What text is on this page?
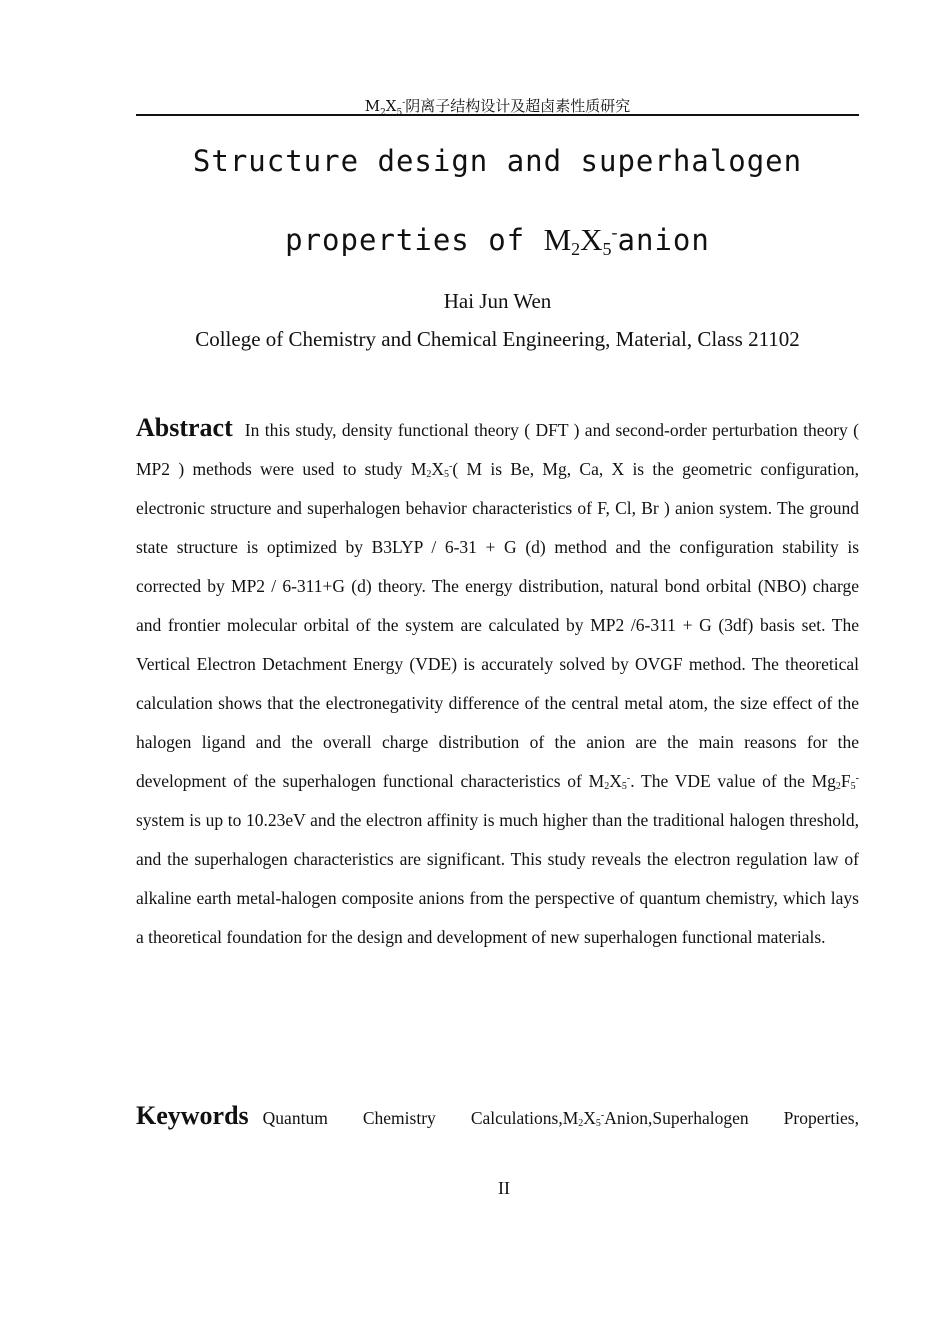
$M_2X_5^-$阴离子结构设计及超卤素性质研究
Structure design and superhalogen
properties of $M_2X_5^-anion$
Hai Jun Wen
College of Chemistry and Chemical Engineering, Material, Class 21102
Abstract In this study, density functional theory ( DFT ) and second-order perturbation theory ( MP2 ) methods were used to study $M_2X_5^-$( M is Be, Mg, Ca, X is the geometric configuration, electronic structure and superhalogen behavior characteristics of F, Cl, Br ) anion system. The ground state structure is optimized by B3LYP / 6-31 + G (d) method and the configuration stability is corrected by MP2 / 6-311+G (d) theory. The energy distribution, natural bond orbital (NBO) charge and frontier molecular orbital of the system are calculated by MP2 /6-311 + G (3df) basis set. The Vertical Electron Detachment Energy (VDE) is accurately solved by OVGF method. The theoretical calculation shows that the electronegativity difference of the central metal atom, the size effect of the halogen ligand and the overall charge distribution of the anion are the main reasons for the development of the superhalogen functional characteristics of $M_2X_5^-$. The VDE value of the $Mg_2F_5^-$ system is up to 10.23eV and the electron affinity is much higher than the traditional halogen threshold, and the superhalogen characteristics are significant. This study reveals the electron regulation law of alkaline earth metal-halogen composite anions from the perspective of quantum chemistry, which lays a theoretical foundation for the design and development of new superhalogen functional materials.
Keywords Quantum Chemistry $Calculations,M_2X_5^-Anion,Superhalogen$ Properties,
II
